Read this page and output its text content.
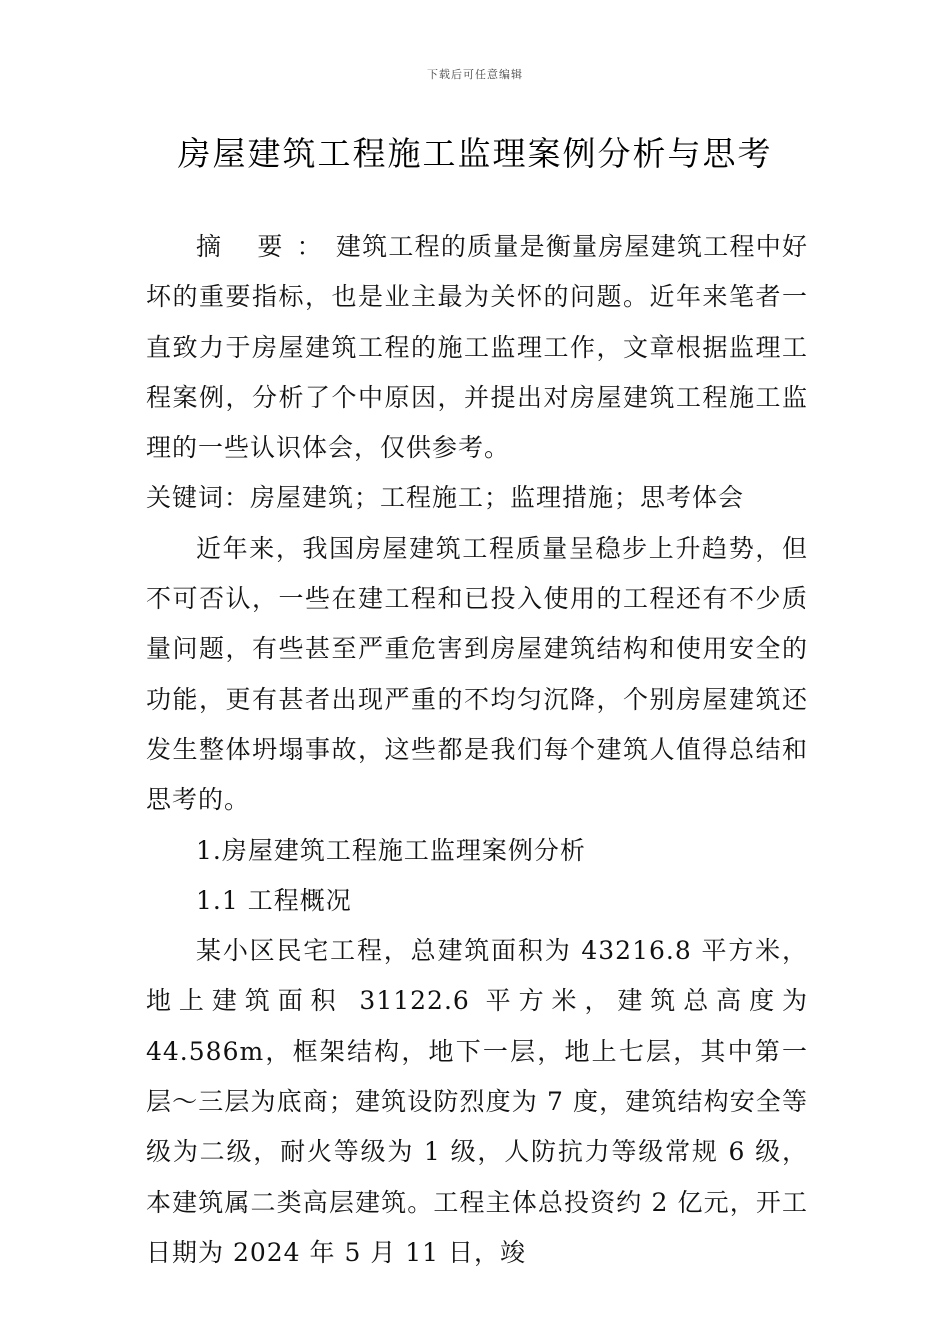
下载后可任意编辑
房屋建筑工程施工监理案例分析与思考

摘 要：建筑工程的质量是衡量房屋建筑工程中好坏的重要指标，也是业主最为关怀的问题。近年来笔者一直致力于房屋建筑工程的施工监理工作，文章根据监理工程案例，分析了个中原因，并提出对房屋建筑工程施工监理的一些认识体会，仅供参考。

关键词：房屋建筑；工程施工；监理措施；思考体会

近年来，我国房屋建筑工程质量呈稳步上升趋势，但不可否认，一些在建工程和已投入使用的工程还有不少质量问题，有些甚至严重危害到房屋建筑结构和使用安全的功能，更有甚者出现严重的不均匀沉降，个别房屋建筑还发生整体坍塌事故，这些都是我们每个建筑人值得总结和思考的。

1.房屋建筑工程施工监理案例分析

1.1 工程概况

某小区民宅工程，总建筑面积为 43216.8 平方米，地上建筑面积 31122.6 平方米，建筑总高度为 44.586m，框架结构，地下一层，地上七层，其中第一层～三层为底商；建筑设防烈度为 7 度，建筑结构安全等级为二级，耐火等级为 1 级，人防抗力等级常规 6 级，本建筑属二类高层建筑。工程主体总投资约 2 亿元，开工日期为 2024 年 5 月 11 日，竣
